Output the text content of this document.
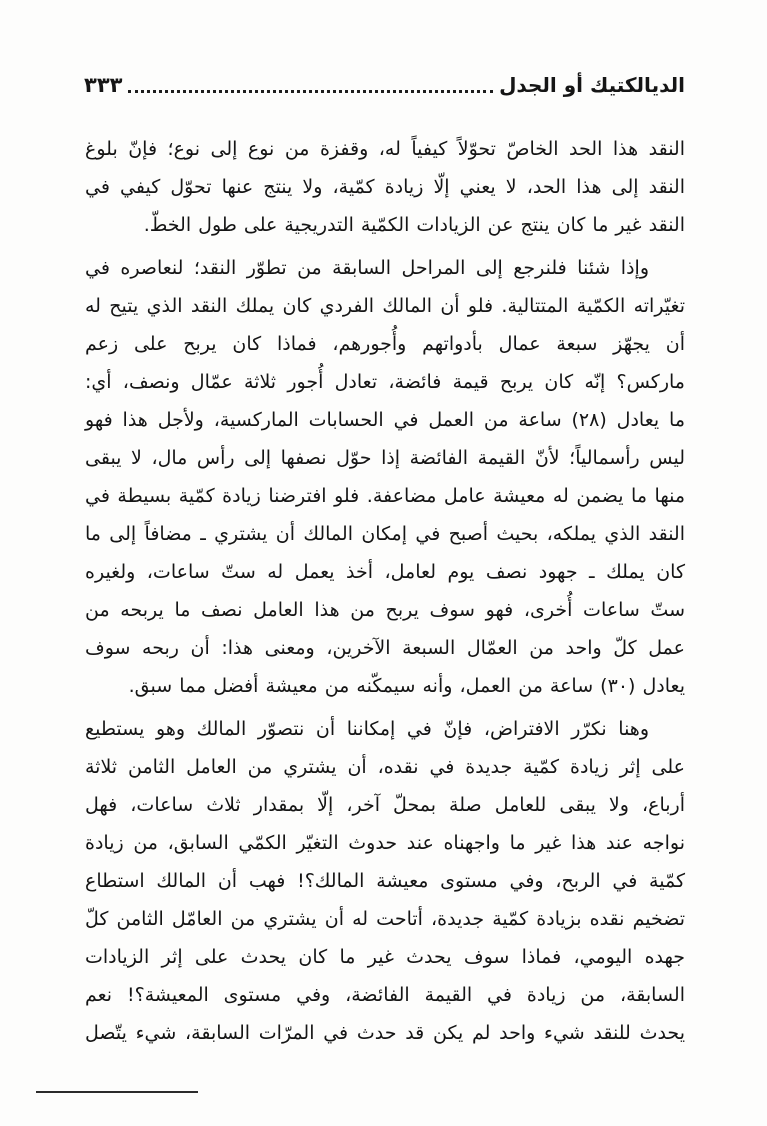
الديالكتيك أو الجدل
٣٣٣
النقد هذا الحد الخاصّ تحوّلاً كيفياً له، وقفزة من نوع إلى نوع؛ فإنّ بلوغ
النقد إلى هذا الحد، لا يعني إلّا زيادة كمّية، ولا ينتج عنها تحوّل كيفي في
النقد غير ما كان ينتج عن الزيادات الكمّية التدريجية على طول الخطّ.
وإذا شئنا فلنرجع إلى المراحل السابقة من تطوّر النقد؛ لنعاصره في
تغيّراته الكمّية المتتالية. فلو أن المالك الفردي كان يملك النقد الذي يتيح له
أن يجهّز سبعة عمال بأدواتهم وأُجورهم، فماذا كان يربح على زعم
ماركس؟ إنّه كان يربح قيمة فائضة، تعادل أُجور ثلاثة عمّال ونصف، أي:
ما يعادل (٢٨) ساعة من العمل في الحسابات الماركسية، ولأجل هذا فهو
ليس رأسمالياً؛ لأنّ القيمة الفائضة إذا حوّل نصفها إلى رأس مال، لا يبقى
منها ما يضمن له معيشة عامل مضاعفة. فلو افترضنا زيادة كمّية بسيطة في
النقد الذي يملكه، بحيث أصبح في إمكان المالك أن يشتري ـ مضافاً إلى ما
كان يملك ـ جهود نصف يوم لعامل، أخذ يعمل له ستّ ساعات، ولغيره
ستّ ساعات أُخرى، فهو سوف يربح من هذا العامل نصف ما يربحه من
عمل كلّ واحد من العمّال السبعة الآخرين، ومعنى هذا: أن ربحه سوف
يعادل (٣٠) ساعة من العمل، وأنه سيمكّنه من معيشة أفضل مما سبق.
وهنا نكرّر الافتراض، فإنّ في إمكاننا أن نتصوّر المالك وهو يستطيع
على إثر زيادة كمّية جديدة في نقده، أن يشتري من العامل الثامن ثلاثة
أرباع، ولا يبقى للعامل صلة بمحلّ آخر، إلّا بمقدار ثلاث ساعات، فهل
نواجه عند هذا غير ما واجهناه عند حدوث التغيّر الكمّي السابق، من زيادة
كمّية في الربح، وفي مستوى معيشة المالك؟! فهب أن المالك استطاع
تضخيم نقده بزيادة كمّية جديدة، أتاحت له أن يشتري من العامّل الثامن كلّ
جهده اليومي، فماذا سوف يحدث غير ما كان يحدث على إثر الزيادات
السابقة، من زيادة في القيمة الفائضة، وفي مستوى المعيشة؟! نعم
يحدث للنقد شيء واحد لم يكن قد حدث في المرّات السابقة، شيء يتّصل
